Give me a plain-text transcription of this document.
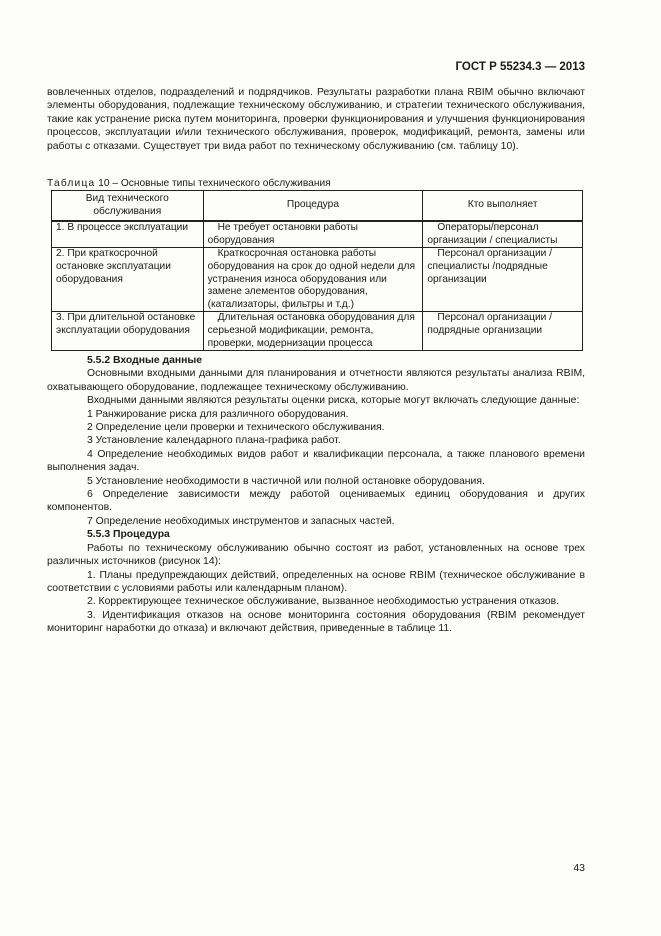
ГОСТ Р 55234.3 — 2013

вовлеченных отделов, подразделений и подрядчиков. Результаты разработки плана RBIM обычно включают элементы оборудования, подлежащие техническому обслуживанию, и стратегии технического обслуживания, такие как устранение риска путем мониторинга, проверки функционирования и улучшения функционирования процессов, эксплуатации и/или технического обслуживания, проверок, модификаций, ремонта, замены или работы с отказами. Существует три вида работ по техническому обслуживанию (см. таблицу 10).

Таблица 10 – Основные типы технического обслуживания
Вид технического обслуживания	Процедура	Кто выполняет
1. В процессе эксплуатации	Не требует остановки работы оборудования	Операторы/персонал организации / специалисты
2. При краткосрочной остановке эксплуатации оборудования	Краткосрочная остановка работы оборудования на срок до одной недели для устранения износа оборудования или замене элементов оборудования, (катализаторы, фильтры и т.д.)	Персонал организации / специалисты /подрядные организации
3. При длительной остановке эксплуатации оборудования	Длительная остановка оборудования для серьезной модификации, ремонта, проверки, модернизации процесса	Персонал организации / подрядные организации

5.5.2 Входные данные

Основными входными данными для планирования и отчетности являются результаты анализа RBIM, охватывающего оборудование, подлежащее техническому обслуживанию.

Входными данными являются результаты оценки риска, которые могут включать следующие данные:

1 Ранжирование риска для различного оборудования.

2 Определение цели проверки и технического обслуживания.

3 Установление календарного плана-графика работ.

4 Определение необходимых видов работ и квалификации персонала, а также планового времени выполнения задач.

5 Установление необходимости в частичной или полной остановке оборудования.

6 Определение зависимости между работой оцениваемых единиц оборудования и других компонентов.

7 Определение необходимых инструментов и запасных частей.

5.5.3 Процедура

Работы по техническому обслуживанию обычно состоят из работ, установленных на основе трех различных источников (рисунок 14):

1. Планы предупреждающих действий, определенных на основе RBIM (техническое обслуживание в соответствии с условиями работы или календарным планом).

2. Корректирующее техническое обслуживание, вызванное необходимостью устранения отказов.

3. Идентификация отказов на основе мониторинга состояния оборудования (RBIM рекомендует мониторинг наработки до отказа) и включают действия, приведенные в таблице 11.

43
